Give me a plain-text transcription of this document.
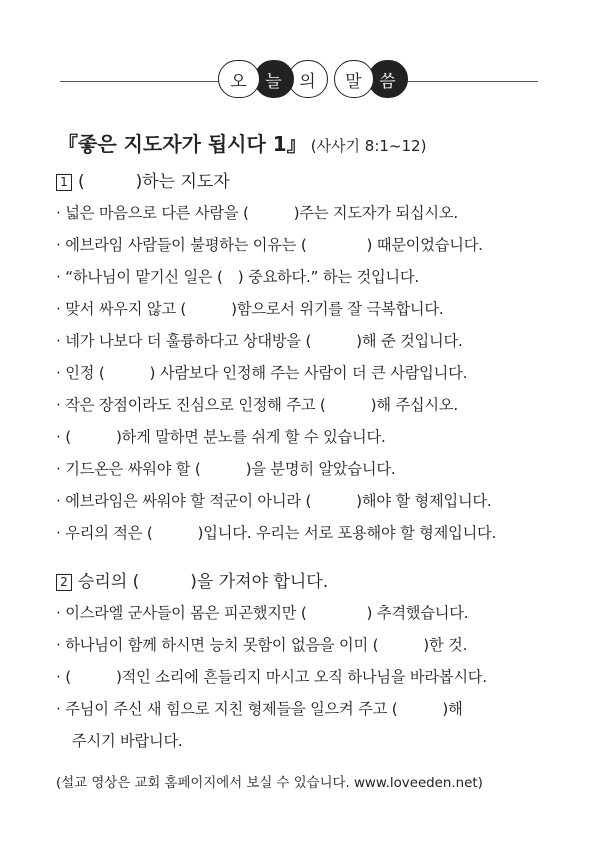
오	늘 의	말 씀
『좋은 지도자가 됩시다 1』 (사사기 8:1~12)
1 (　　　)하는 지도자
· 넓은 마음으로 다른 사람을 (　　　)주는 지도자가 되십시오.
· 에브라임 사람들이 불평하는 이유는 (　　　　) 때문이었습니다.
· “하나님이 맡기신 일은 (　) 중요하다.” 하는 것입니다.
· 맞서 싸우지 않고 (　　　)함으로서 위기를 잘 극복합니다.
· 네가 나보다 더 훌륭하다고 상대방을 (　　　)해 준 것입니다.
· 인정 (　　　) 사람보다 인정해 주는 사람이 더 큰 사람입니다.
· 작은 장점이라도 진심으로 인정해 주고 (　　　)해 주십시오.
· (　　　)하게 말하면 분노를 쉬게 할 수 있습니다.
· 기드온은 싸워야 할 (　　　)을 분명히 알았습니다.
· 에브라임은 싸워야 할 적군이 아니라 (　　　)해야 할 형제입니다.
· 우리의 적은 (　　　)입니다. 우리는 서로 포용해야 할 형제입니다.
2 승리의 (　　　)을 가져야 합니다.
· 이스라엘 군사들이 몸은 피곤했지만 (　　　　) 추격했습니다.
· 하나님이 함께 하시면 능치 못함이 없음을 이미 (　　　)한 것.
· (　　　)적인 소리에 흔들리지 마시고 오직 하나님을 바라봅시다.
· 주님이 주신 새 힘으로 지친 형제들을 일으켜 주고 (　　　)해
주시기 바랍니다.
(설교 영상은 교회 홈페이지에서 보실 수 있습니다. www.loveeden.net)
